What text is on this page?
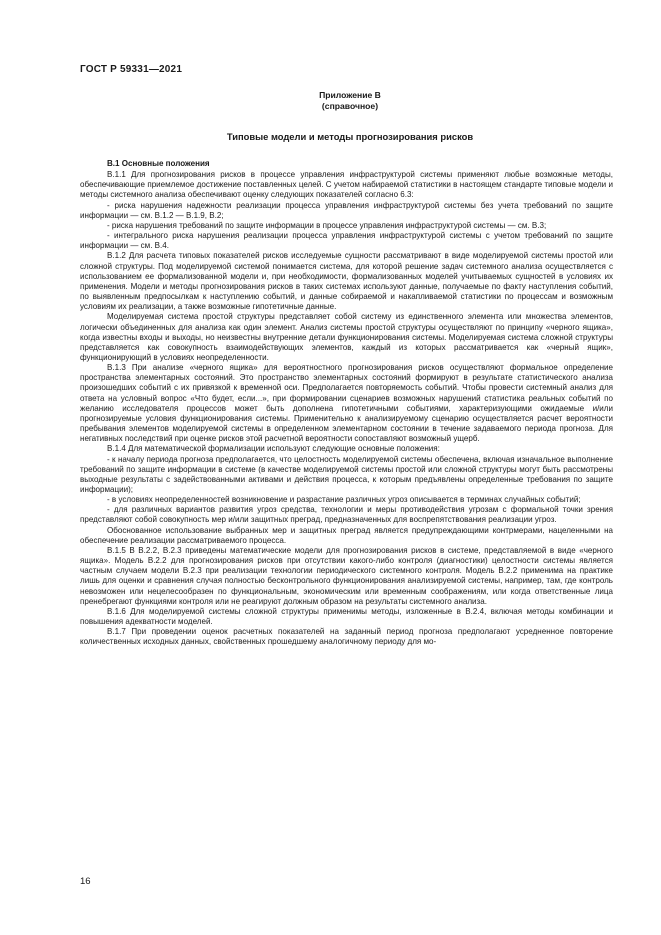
ГОСТ Р 59331—2021
Приложение В
(справочное)
Типовые модели и методы прогнозирования рисков

В.1 Основные положения

В.1.1 Для прогнозирования рисков в процессе управления инфраструктурой системы применяют любые возможные методы, обеспечивающие приемлемое достижение поставленных целей. С учетом набираемой статистики в настоящем стандарте типовые модели и методы системного анализа обеспечивают оценку следующих показателей согласно 6.3:

- риска нарушения надежности реализации процесса управления инфраструктурой системы без учета требований по защите информации — см. В.1.2 — В.1.9, В.2;

- риска нарушения требований по защите информации в процессе управления инфраструктурой системы — см. В.3;

- интегрального риска нарушения реализации процесса управления инфраструктурой системы с учетом требований по защите информации — см. В.4.

В.1.2 Для расчета типовых показателей рисков исследуемые сущности рассматривают в виде моделируемой системы простой или сложной структуры. Под моделируемой системой понимается система, для которой решение задач системного анализа осуществляется с использованием ее формализованной модели и, при необходимости, формализованных моделей учитываемых сущностей в условиях их применения. Модели и методы прогнозирования рисков в таких системах используют данные, получаемые по факту наступления событий, по выявленным предпосылкам к наступлению событий, и данные собираемой и накапливаемой статистики по процессам и возможным условиям их реализации, а также возможные гипотетичные данные.

Моделируемая система простой структуры представляет собой систему из единственного элемента или множества элементов, логически объединенных для анализа как один элемент. Анализ системы простой структуры осуществляют по принципу «черного ящика», когда известны входы и выходы, но неизвестны внутренние детали функционирования системы. Моделируемая система сложной структуры представляется как совокупность взаимодействующих элементов, каждый из которых рассматривается как «черный ящик», функционирующий в условиях неопределенности.

В.1.3 При анализе «черного ящика» для вероятностного прогнозирования рисков осуществляют формальное определение пространства элементарных состояний. Это пространство элементарных состояний формируют в результате статистического анализа произошедших событий с их привязкой к временной оси. Предполагается повторяемость событий. Чтобы провести системный анализ для ответа на условный вопрос «Что будет, если...», при формировании сценариев возможных нарушений статистика реальных событий по желанию исследователя процессов может быть дополнена гипотетичными событиями, характеризующими ожидаемые и/или прогнозируемые условия функционирования системы. Применительно к анализируемому сценарию осуществляется расчет вероятности пребывания элементов моделируемой системы в определенном элементарном состоянии в течение задаваемого периода прогноза. Для негативных последствий при оценке рисков этой расчетной вероятности сопоставляют возможный ущерб.

В.1.4 Для математической формализации используют следующие основные положения:

- к началу периода прогноза предполагается, что целостность моделируемой системы обеспечена, включая изначальное выполнение требований по защите информации в системе (в качестве моделируемой системы простой или сложной структуры могут быть рассмотрены выходные результаты с задействованными активами и действия процесса, к которым предъявлены определенные требования по защите информации);

- в условиях неопределенностей возникновение и разрастание различных угроз описывается в терминах случайных событий;

- для различных вариантов развития угроз средства, технологии и меры противодействия угрозам с формальной точки зрения представляют собой совокупность мер и/или защитных преград, предназначенных для воспрепятствования реализации угроз.

Обоснованное использование выбранных мер и защитных преград является предупреждающими контрмерами, нацеленными на обеспечение реализации рассматриваемого процесса.

В.1.5 В В.2.2, В.2.3 приведены математические модели для прогнозирования рисков в системе, представляемой в виде «черного ящика». Модель В.2.2 для прогнозирования рисков при отсутствии какого-либо контроля (диагностики) целостности системы является частным случаем модели В.2.3 при реализации технологии периодического системного контроля. Модель В.2.2 применима на практике лишь для оценки и сравнения случая полностью бесконтрольного функционирования анализируемой системы, например, там, где контроль невозможен или нецелесообразен по функциональным, экономическим или временным соображениям, или когда ответственные лица пренебрегают функциями контроля или не реагируют должным образом на результаты системного анализа.

В.1.6 Для моделируемой системы сложной структуры применимы методы, изложенные в В.2.4, включая методы комбинации и повышения адекватности моделей.

В.1.7 При проведении оценок расчетных показателей на заданный период прогноза предполагают усредненное повторение количественных исходных данных, свойственных прошедшему аналогичному периоду для мо-

16
